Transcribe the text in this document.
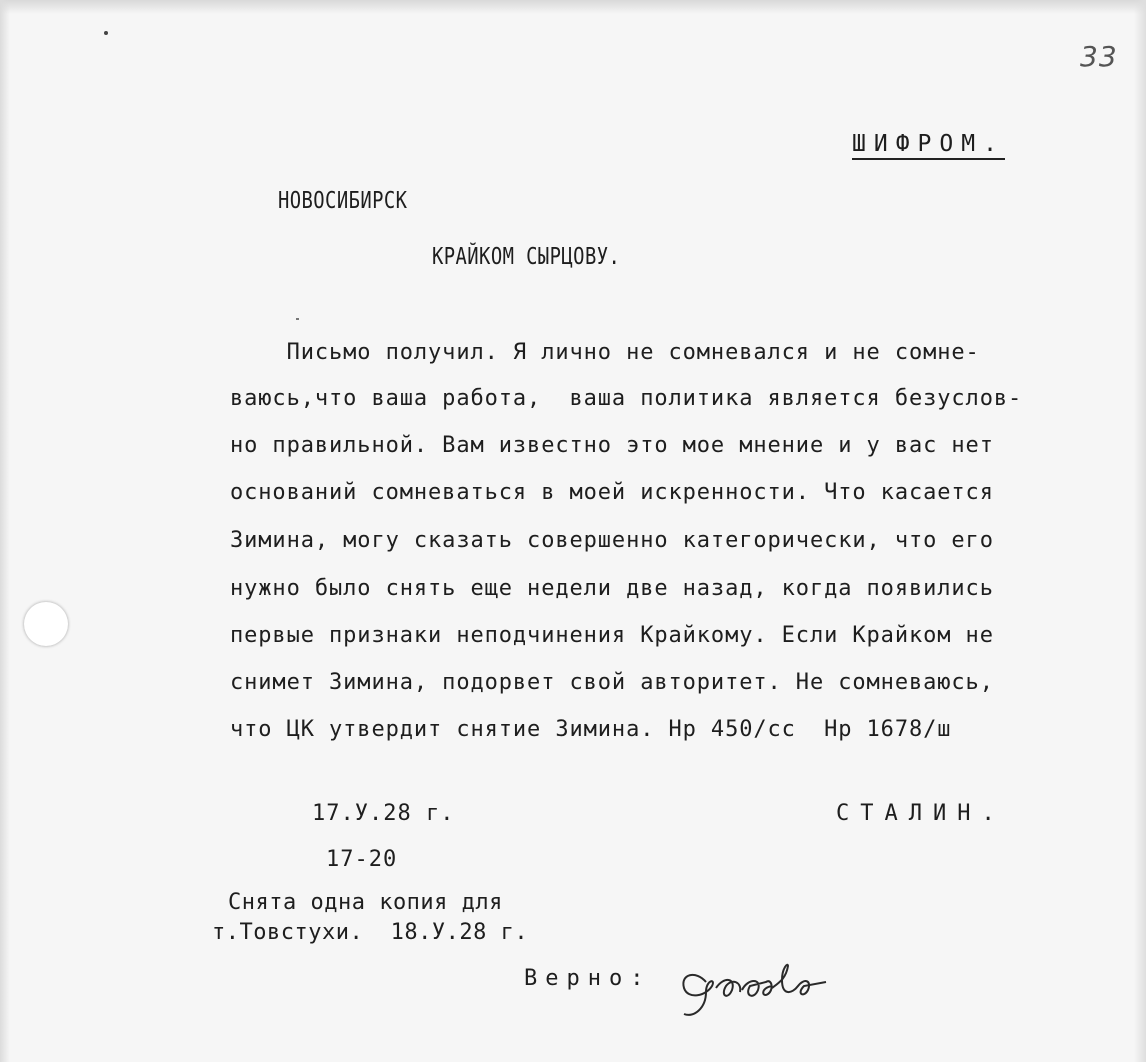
33
ШИФРОМ.
НОВОСИБИРСК
КРАЙКОМ СЫРЦОВУ.
Письмо получил. Я лично не сомневался и не сомне-
ваюсь,что ваша работа,  ваша политика является безуслов-
но правильной. Вам известно это мое мнение и у вас нет
оснований сомневаться в моей искренности. Что касается
Зимина, могу сказать совершенно категорически, что его
нужно было снять еще недели две назад, когда появились
первые признаки неподчинения Крайкому. Если Крайком не
снимет Зимина, подорвет свой авторитет. Не сомневаюсь,
что ЦК утвердит снятие Зимина. Нр 450/сс  Нр 1678/ш
17.У.28 г.
17-20
СТАЛИН.
Снята одна копия для
т.Товстухи.  18.У.28 г.
Верно:
